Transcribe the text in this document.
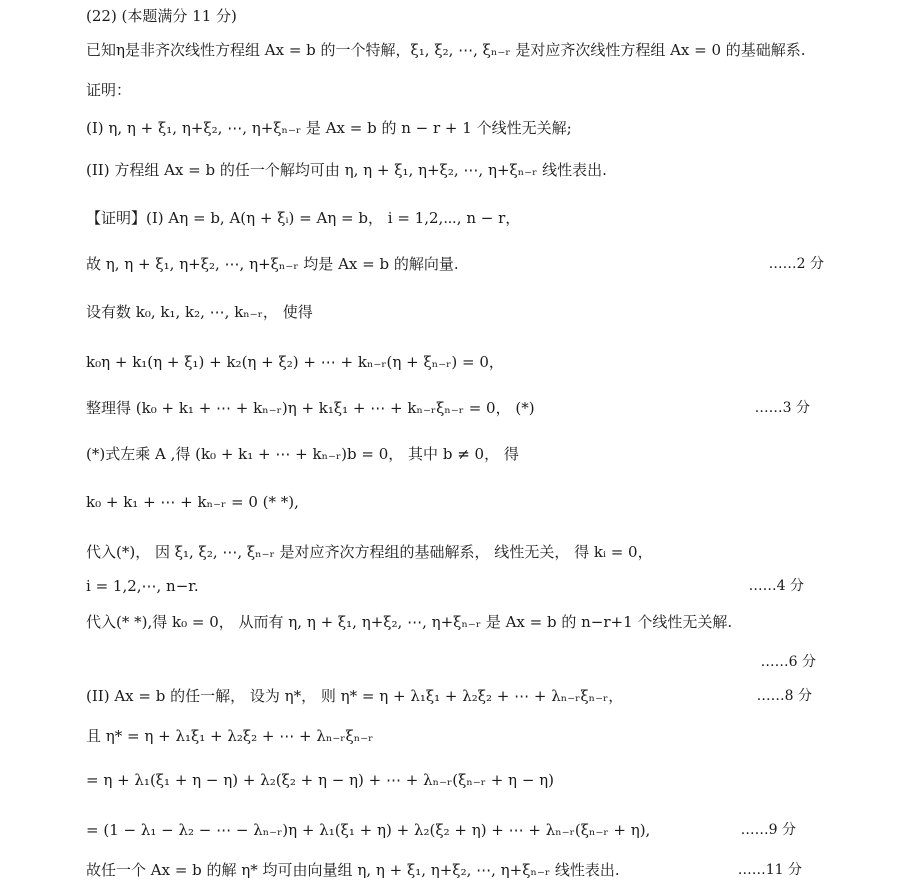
(22) (本题满分 11 分)
已知η是非齐次线性方程组 Ax = b 的一个特解，ξ₁, ξ₂, ⋯, ξₙ₋ᵣ 是对应齐次线性方程组 Ax = 0 的基础解系.
证明：
(I) η, η + ξ₁, η+ξ₂, ⋯, η+ξₙ₋ᵣ 是 Ax = b 的 n − r + 1 个线性无关解;
(II) 方程组 Ax = b 的任一个解均可由 η, η + ξ₁, η+ξ₂, ⋯, η+ξₙ₋ᵣ 线性表出.
【证明】(I) Aη = b, A(η + ξᵢ) = Aη = b， i = 1,2,⋯, n − r，
故 η, η + ξ₁, η+ξ₂, ⋯, η+ξₙ₋ᵣ 均是 Ax = b 的解向量.	……2 分
设有数 k₀, k₁, k₂, ⋯, kₙ₋ᵣ， 使得
k₀η + k₁(η + ξ₁) + k₂(η + ξ₂) + ⋯ + kₙ₋ᵣ(η + ξₙ₋ᵣ) = 0，
整理得 (k₀ + k₁ + ⋯ + kₙ₋ᵣ)η + k₁ξ₁ + ⋯ + kₙ₋ᵣξₙ₋ᵣ = 0， (*)	……3 分
(*)式左乘 A ,得 (k₀ + k₁ + ⋯ + kₙ₋ᵣ)b = 0， 其中 b ≠ 0， 得
k₀ + k₁ + ⋯ + kₙ₋ᵣ = 0 (* *),
代入(*)， 因 ξ₁, ξ₂, ⋯, ξₙ₋ᵣ 是对应齐次方程组的基础解系， 线性无关， 得 kᵢ = 0，
i = 1,2,⋯, n−r.	……4 分
代入(* *),得 k₀ = 0， 从而有 η, η + ξ₁, η+ξ₂, ⋯, η+ξₙ₋ᵣ 是 Ax = b 的 n−r+1 个线性无关解.
……6 分
(II) Ax = b 的任一解， 设为 η*， 则 η* = η + λ₁ξ₁ + λ₂ξ₂ + ⋯ + λₙ₋ᵣξₙ₋ᵣ，	……8 分
且 η* = η + λ₁ξ₁ + λ₂ξ₂ + ⋯ + λₙ₋ᵣξₙ₋ᵣ
= η + λ₁(ξ₁ + η − η) + λ₂(ξ₂ + η − η) + ⋯ + λₙ₋ᵣ(ξₙ₋ᵣ + η − η)
= (1 − λ₁ − λ₂ − ⋯ − λₙ₋ᵣ)η + λ₁(ξ₁ + η) + λ₂(ξ₂ + η) + ⋯ + λₙ₋ᵣ(ξₙ₋ᵣ + η),	……9 分
故任一个 Ax = b 的解 η* 均可由向量组 η, η + ξ₁, η+ξ₂, ⋯, η+ξₙ₋ᵣ 线性表出.	……11 分
